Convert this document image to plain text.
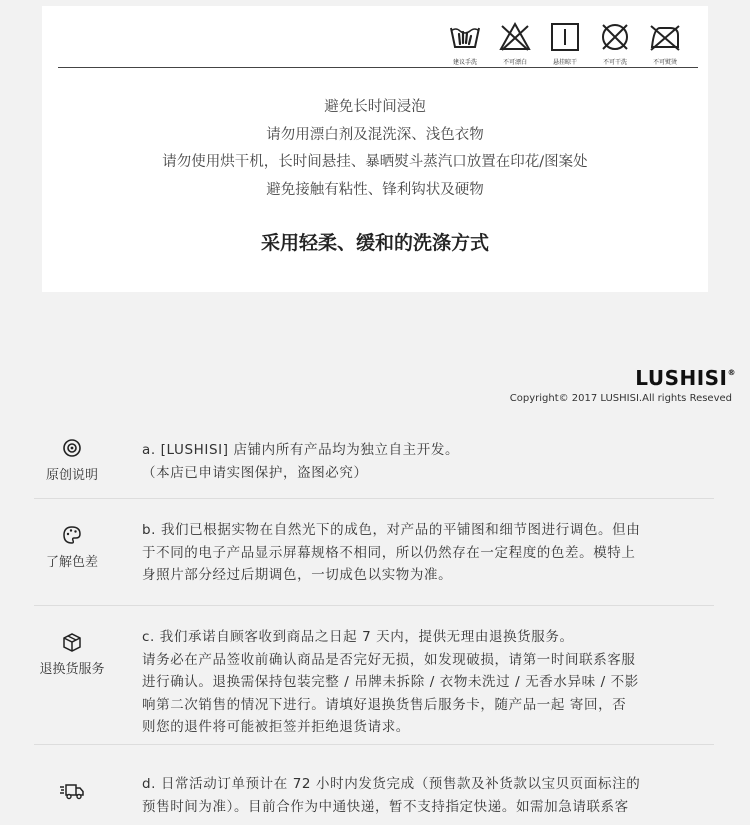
建议手洗	不可漂白	悬挂晾干	不可干洗	不可熨烫
避免长时间浸泡
请勿用漂白剂及混洗深、浅色衣物
请勿使用烘干机，长时间悬挂、暴晒熨斗蒸汽口放置在印花/图案处
避免接触有粘性、锋利钩状及硬物
采用轻柔、缓和的洗涤方式
LUSHISI®
Copyright© 2017 LUSHISI.All rights Reseved
原创说明
a. [LUSHISI] 店铺内所有产品均为独立自主开发。
（本店已申请实图保护，盗图必究）
了解色差
b. 我们已根据实物在自然光下的成色，对产品的平铺图和细节图进行调色。但由
于不同的电子产品显示屏幕规格不相同，所以仍然存在一定程度的色差。模特上
身照片部分经过后期调色，一切成色以实物为准。
退换货服务
c. 我们承诺自顾客收到商品之日起 7 天内，提供无理由退换货服务。
请务必在产品签收前确认商品是否完好无损，如发现破损，请第一时间联系客服
进行确认。退换需保持包装完整 / 吊牌未拆除 / 衣物未洗过 / 无香水异味 / 不影
响第二次销售的情况下进行。请填好退换货售后服务卡，随产品一起 寄回，否
则您的退件将可能被拒签并拒绝退货请求。
d. 日常活动订单预计在 72 小时内发货完成（预售款及补货款以宝贝页面标注的
预售时间为准）。目前合作为中通快递，暂不支持指定快递。如需加急请联系客
